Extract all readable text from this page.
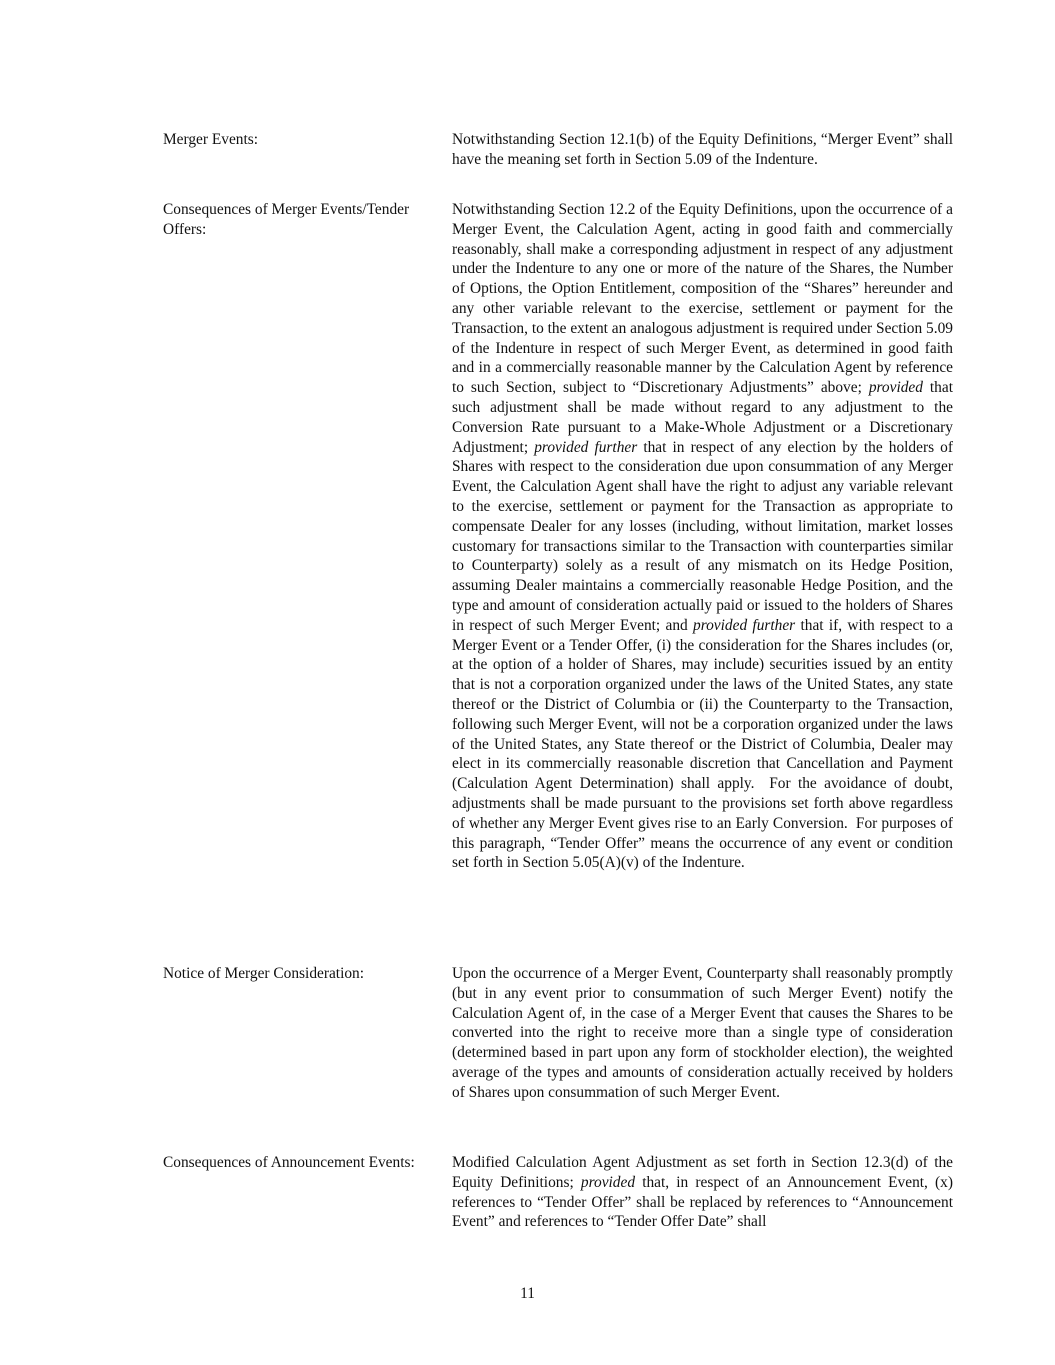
Merger Events:	Notwithstanding Section 12.1(b) of the Equity Definitions, “Merger Event” shall have the meaning set forth in Section 5.09 of the Indenture.
Consequences of Merger Events/Tender Offers:
Notwithstanding Section 12.2 of the Equity Definitions, upon the occurrence of a Merger Event, the Calculation Agent, acting in good faith and commercially reasonably, shall make a corresponding adjustment in respect of any adjustment under the Indenture to any one or more of the nature of the Shares, the Number of Options, the Option Entitlement, composition of the “Shares” hereunder and any other variable relevant to the exercise, settlement or payment for the Transaction, to the extent an analogous adjustment is required under Section 5.09 of the Indenture in respect of such Merger Event, as determined in good faith and in a commercially reasonable manner by the Calculation Agent by reference to such Section, subject to “Discretionary Adjustments” above; provided that such adjustment shall be made without regard to any adjustment to the Conversion Rate pursuant to a Make-Whole Adjustment or a Discretionary Adjustment; provided further that in respect of any election by the holders of Shares with respect to the consideration due upon consummation of any Merger Event, the Calculation Agent shall have the right to adjust any variable relevant to the exercise, settlement or payment for the Transaction as appropriate to compensate Dealer for any losses (including, without limitation, market losses customary for transactions similar to the Transaction with counterparties similar to Counterparty) solely as a result of any mismatch on its Hedge Position, assuming Dealer maintains a commercially reasonable Hedge Position, and the type and amount of consideration actually paid or issued to the holders of Shares in respect of such Merger Event; and provided further that if, with respect to a Merger Event or a Tender Offer, (i) the consideration for the Shares includes (or, at the option of a holder of Shares, may include) securities issued by an entity that is not a corporation organized under the laws of the United States, any state thereof or the District of Columbia or (ii) the Counterparty to the Transaction, following such Merger Event, will not be a corporation organized under the laws of the United States, any State thereof or the District of Columbia, Dealer may elect in its commercially reasonable discretion that Cancellation and Payment (Calculation Agent Determination) shall apply.  For the avoidance of doubt, adjustments shall be made pursuant to the provisions set forth above regardless of whether any Merger Event gives rise to an Early Conversion.  For purposes of this paragraph, “Tender Offer” means the occurrence of any event or condition set forth in Section 5.05(A)(v) of the Indenture.
Notice of Merger Consideration:	Upon the occurrence of a Merger Event, Counterparty shall reasonably promptly (but in any event prior to consummation of such Merger Event) notify the Calculation Agent of, in the case of a Merger Event that causes the Shares to be converted into the right to receive more than a single type of consideration (determined based in part upon any form of stockholder election), the weighted average of the types and amounts of consideration actually received by holders of Shares upon consummation of such Merger Event.
Consequences of Announcement Events:	Modified Calculation Agent Adjustment as set forth in Section 12.3(d) of the Equity Definitions; provided that, in respect of an Announcement Event, (x) references to “Tender Offer” shall be replaced by references to “Announcement Event” and references to “Tender Offer Date” shall
11
